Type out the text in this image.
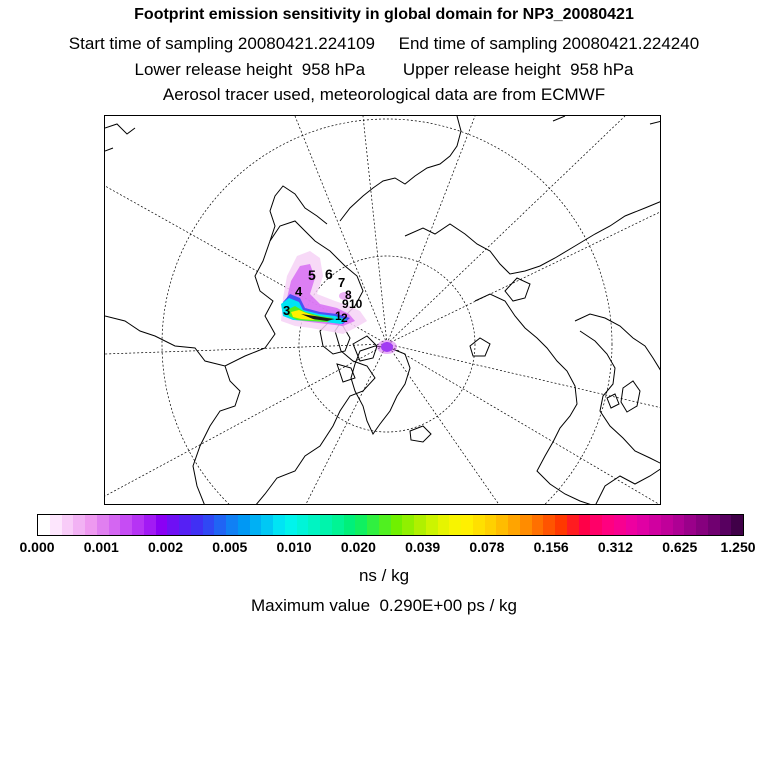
Footprint emission sensitivity in global domain for NP3_20080421
Start time of sampling 20080421.224109     End time of sampling 20080421.224240
Lower release height  958 hPa        Upper release height  958 hPa
Aerosol tracer used, meteorological data are from ECMWF
3
4
5 6
7
8
9 10
1 2
0.000 0.001 0.002 0.005 0.010 0.020 0.039 0.078 0.156 0.312 0.625 1.250
ns / kg
Maximum value  0.290E+00 ps / kg
